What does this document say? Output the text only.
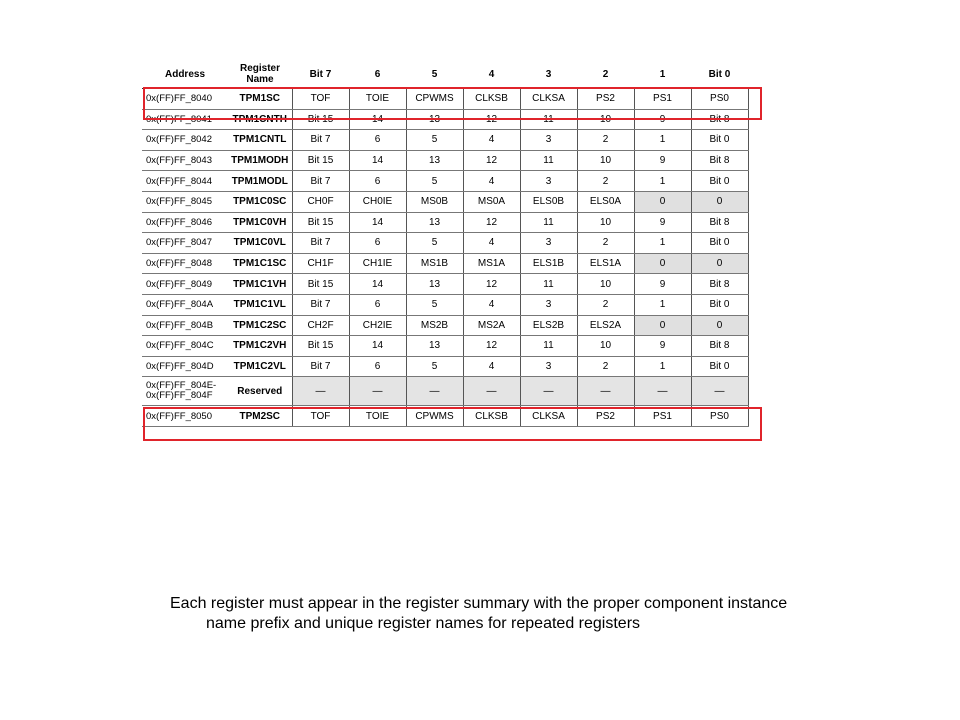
Address	Register
Name	Bit 7	6	5	4	3	2	1	Bit 0
0x(FF)FF_8040	TPM1SC	TOF	TOIE	CPWMS	CLKSB	CLKSA	PS2	PS1	PS0
0x(FF)FF_8041	TPM1CNTH	Bit 15	14	13	12	11	10	9	Bit 8
0x(FF)FF_8042	TPM1CNTL	Bit 7	6	5	4	3	2	1	Bit 0
0x(FF)FF_8043	TPM1MODH	Bit 15	14	13	12	11	10	9	Bit 8
0x(FF)FF_8044	TPM1MODL	Bit 7	6	5	4	3	2	1	Bit 0
0x(FF)FF_8045	TPM1C0SC	CH0F	CH0IE	MS0B	MS0A	ELS0B	ELS0A	0	0
0x(FF)FF_8046	TPM1C0VH	Bit 15	14	13	12	11	10	9	Bit 8
0x(FF)FF_8047	TPM1C0VL	Bit 7	6	5	4	3	2	1	Bit 0
0x(FF)FF_8048	TPM1C1SC	CH1F	CH1IE	MS1B	MS1A	ELS1B	ELS1A	0	0
0x(FF)FF_8049	TPM1C1VH	Bit 15	14	13	12	11	10	9	Bit 8
0x(FF)FF_804A	TPM1C1VL	Bit 7	6	5	4	3	2	1	Bit 0
0x(FF)FF_804B	TPM1C2SC	CH2F	CH2IE	MS2B	MS2A	ELS2B	ELS2A	0	0
0x(FF)FF_804C	TPM1C2VH	Bit 15	14	13	12	11	10	9	Bit 8
0x(FF)FF_804D	TPM1C2VL	Bit 7	6	5	4	3	2	1	Bit 0
0x(FF)FF_804E-
0x(FF)FF_804F	Reserved	—	—	—	—	—	—	—	—
0x(FF)FF_8050	TPM2SC	TOF	TOIE	CPWMS	CLKSB	CLKSA	PS2	PS1	PS0
Each register must appear in the register summary with the proper component instance name prefix and unique register names for repeated registers
